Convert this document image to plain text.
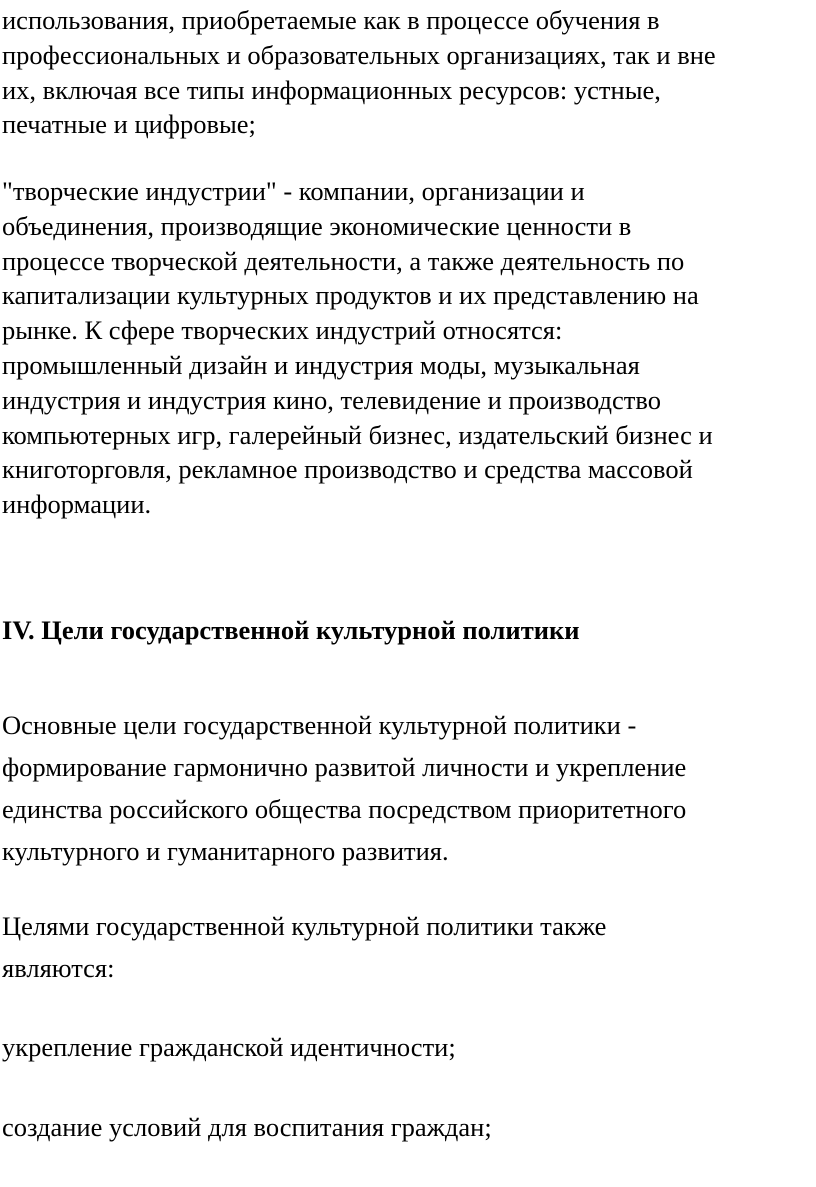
использования, приобретаемые как в процессе обучения в
профессиональных и образовательных организациях, так и вне
их, включая все типы информационных ресурсов: устные,
печатные и цифровые;
"творческие индустрии" - компании, организации и
объединения, производящие экономические ценности в
процессе творческой деятельности, а также деятельность по
капитализации культурных продуктов и их представлению на
рынке. К сфере творческих индустрий относятся:
промышленный дизайн и индустрия моды, музыкальная
индустрия и индустрия кино, телевидение и производство
компьютерных игр, галерейный бизнес, издательский бизнес и
книготорговля, рекламное производство и средства массовой
информации.
IV. Цели государственной культурной политики
Основные цели государственной культурной политики -
формирование гармонично развитой личности и укрепление
единства российского общества посредством приоритетного
культурного и гуманитарного развития.
Целями государственной культурной политики также
являются:
укрепление гражданской идентичности;
создание условий для воспитания граждан;
